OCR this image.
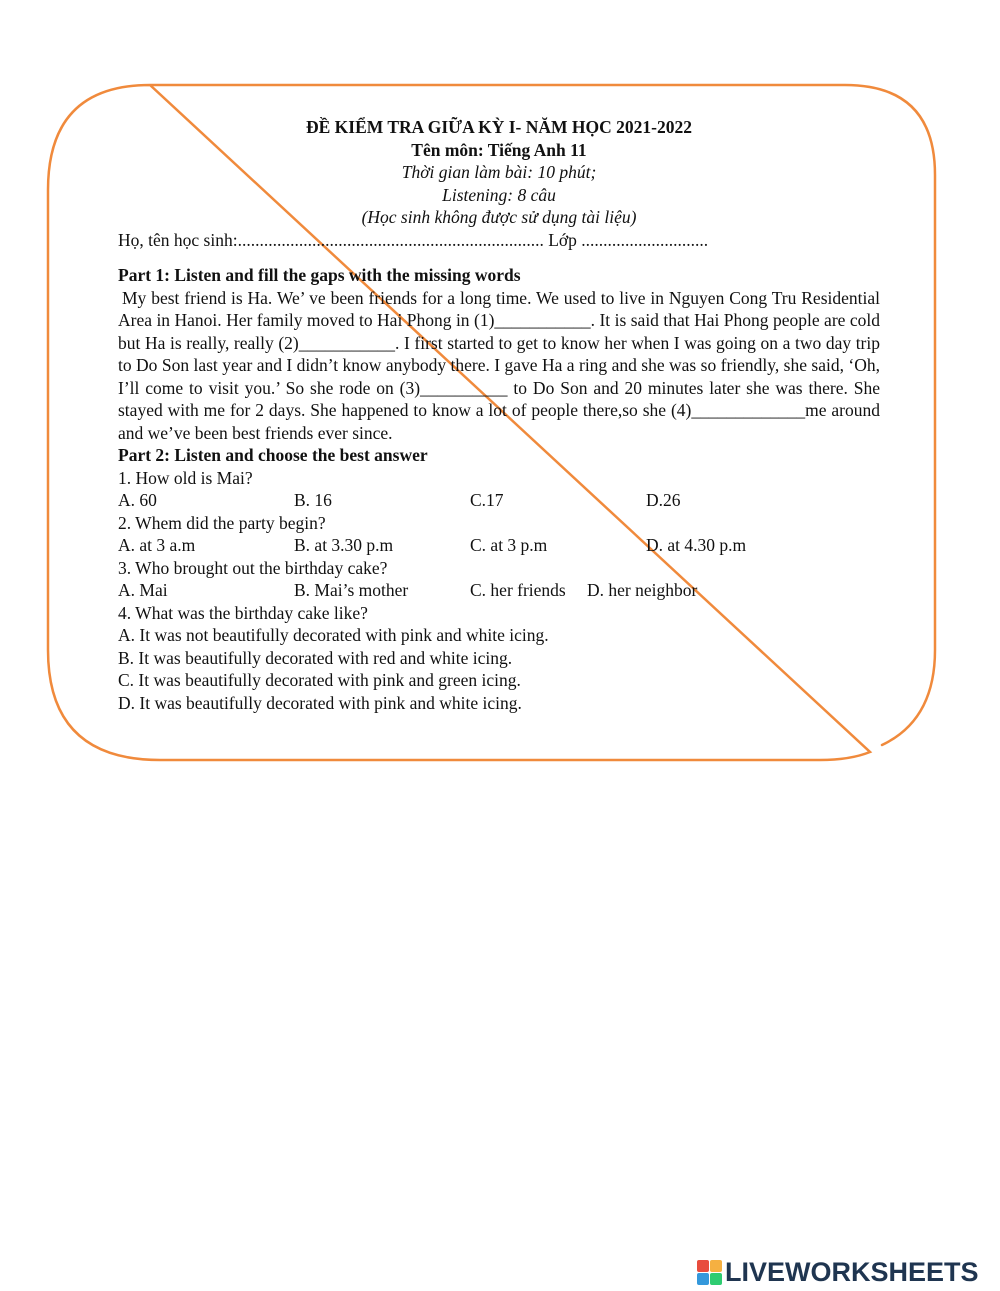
ĐỀ KIỂM TRA GIỮA KỲ I- NĂM HỌC 2021-2022
Tên môn: Tiếng Anh 11
Thời gian làm bài: 10 phút;
Listening: 8 câu
(Học sinh không được sử dụng tài liệu)
Họ, tên học sinh:...................................................................... Lớp .............................
Part 1: Listen and fill the gaps with the missing words
My best friend is Ha. We’ ve been friends for a long time. We used to live in Nguyen Cong Tru Residential Area in Hanoi. Her family moved to Hai Phong in (1)___________. It is said that Hai Phong people are cold but Ha is really, really (2)___________. I first started to get to know her when I was going on a two day trip to Do Son last year and I didn’t know anybody there. I gave Ha a ring and she was so friendly, she said, ‘Oh, I’ll come to visit you.’ So she rode on (3)__________ to Do Son and 20 minutes later she was there. She stayed with me for 2 days. She happened to know a lot of people there,so she (4)_____________me around and we’ve been best friends ever since.
Part 2: Listen and choose the best answer
1. How old is Mai?
A. 60	B. 16	C.17	D.26
2. Whem did the party begin?
A. at 3 a.m	B. at 3.30 p.m	C. at 3 p.m	D. at 4.30 p.m
3. Who brought out the birthday cake?
A. Mai	B. Mai’s mother	C. her friends	D. her neighbor
4. What was the birthday cake like?
A. It was not beautifully decorated with pink and white icing.
B. It was beautifully decorated with red and white icing.
C. It was beautifully decorated with pink and green icing.
D. It was beautifully decorated with pink and white icing.
LIVEWORKSHEETS
